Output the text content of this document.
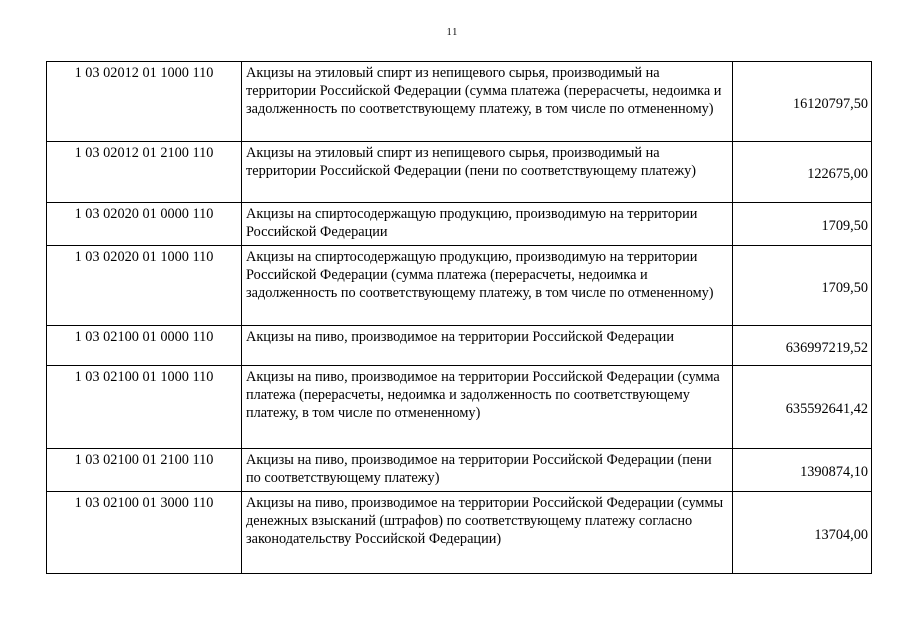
11
1 03 02012 01 1000 110	Акцизы на этиловый спирт из непищевого сырья, производимый на территории Российской Федерации (сумма платежа (перерасчеты, недоимка и задолженность по соответствующему платежу, в том числе по отмененному)	16120797,50
1 03 02012 01 2100 110	Акцизы на этиловый спирт из непищевого сырья, производимый на территории Российской Федерации (пени по соответствующему платежу)	122675,00
1 03 02020 01 0000 110	Акцизы на спиртосодержащую продукцию, производимую на территории Российской Федерации	1709,50
1 03 02020 01 1000 110	Акцизы на спиртосодержащую продукцию, производимую на территории Российской Федерации (сумма платежа (перерасчеты, недоимка и задолженность по соответствующему платежу, в том числе по отмененному)	1709,50
1 03 02100 01 0000 110	Акцизы на пиво, производимое на территории Российской Федерации	636997219,52
1 03 02100 01 1000 110	Акцизы на пиво, производимое на территории Российской Федерации (сумма платежа (перерасчеты, недоимка и задолженность по соответствующему платежу, в том числе по отмененному)	635592641,42
1 03 02100 01 2100 110	Акцизы на пиво, производимое на территории Российской Федерации (пени по соответствующему платежу)	1390874,10
1 03 02100 01 3000 110	Акцизы на пиво, производимое на территории Российской Федерации (суммы денежных взысканий (штрафов) по соответствующему платежу согласно законодательству Российской Федерации)	13704,00
